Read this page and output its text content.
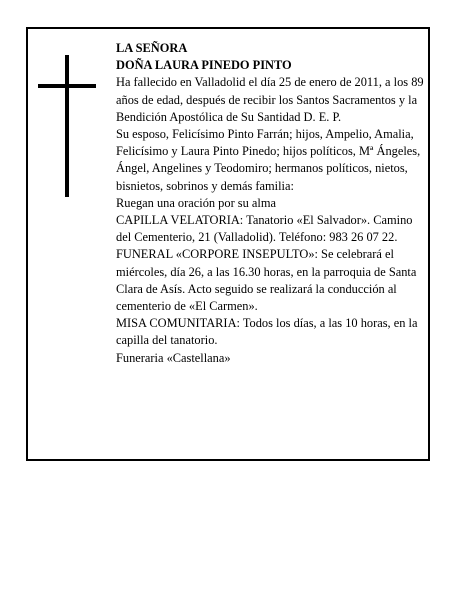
LA SEÑORA

DOÑA LAURA PINEDO PINTO

Ha fallecido en Valladolid el día 25 de enero de 2011, a los 89 años de edad, después de recibir los Santos Sacramentos y la Bendición Apostólica de Su Santidad D. E. P.

Su esposo, Felicísimo Pinto Farrán; hijos, Ampelio, Amalia, Felicísimo y Laura Pinto Pinedo; hijos políticos, Mª Ángeles, Ángel, Angelines y Teodomiro; hermanos políticos, nietos, bisnietos, sobrinos y demás familia:

Ruegan una oración por su alma

CAPILLA VELATORIA: Tanatorio «El Salvador». Camino del Cementerio, 21 (Valladolid). Teléfono: 983 26 07 22.

FUNERAL «CORPORE INSEPULTO»: Se celebrará el miércoles, día 26, a las 16.30 horas, en la parroquia de Santa Clara de Asís. Acto seguido se realizará la conducción al cementerio de «El Carmen».

MISA COMUNITARIA: Todos los días, a las 10 horas, en la capilla del tanatorio.

Funeraria «Castellana»
